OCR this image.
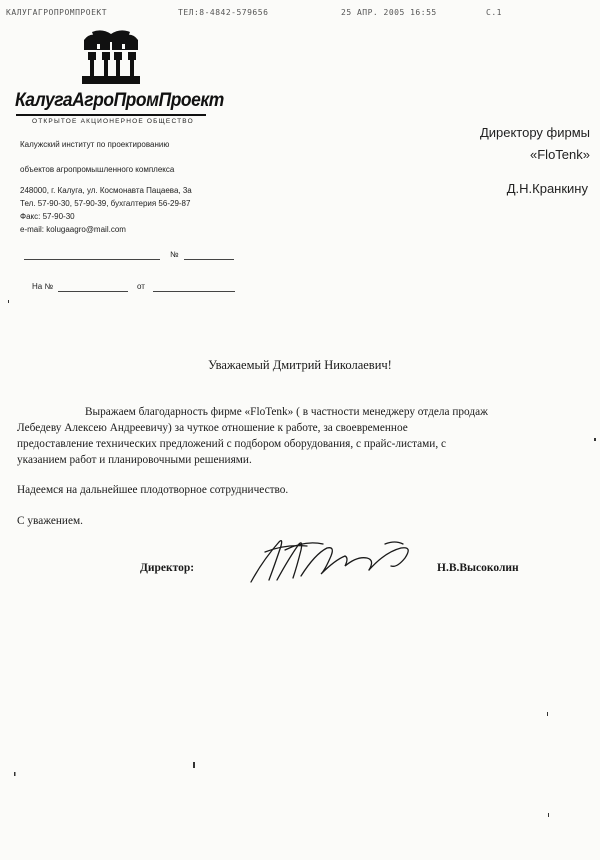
КАЛУГАГРОПРОМПРОЕКТ	ТЕЛ:8-4842-579656	25 АПР. 2005 16:55	С.1
КалугаАгроПромПроект
ОТКРЫТОЕ АКЦИОНЕРНОЕ ОБЩЕСТВО
Калужский институт по проектированию
объектов агропромышленного комплекса
248000, г. Калуга, ул. Космонавта Пацаева, 3а
Тел. 57-90-30, 57-90-39, бухгалтерия 56-29-87
Факс: 57-90-30
e-mail: kolugaagro@mail.com
№
На №	от
Директору фирмы
«FloTenk»
Д.Н.Кранкину
Уважаемый Дмитрий Николаевич!

Выражаем благодарность фирме «FloTenk» ( в частности менеджеру отдела продаж

Лебедеву Алексею Андреевичу) за чуткое отношение к работе, за своевременное

предоставление технических предложений с подбором оборудования, с прайс-листами, с

указанием работ и планировочными решениями.

Надеемся на дальнейшее плодотворное сотрудничество.
С уважением.
Директор:	Н.В.Высоколин
